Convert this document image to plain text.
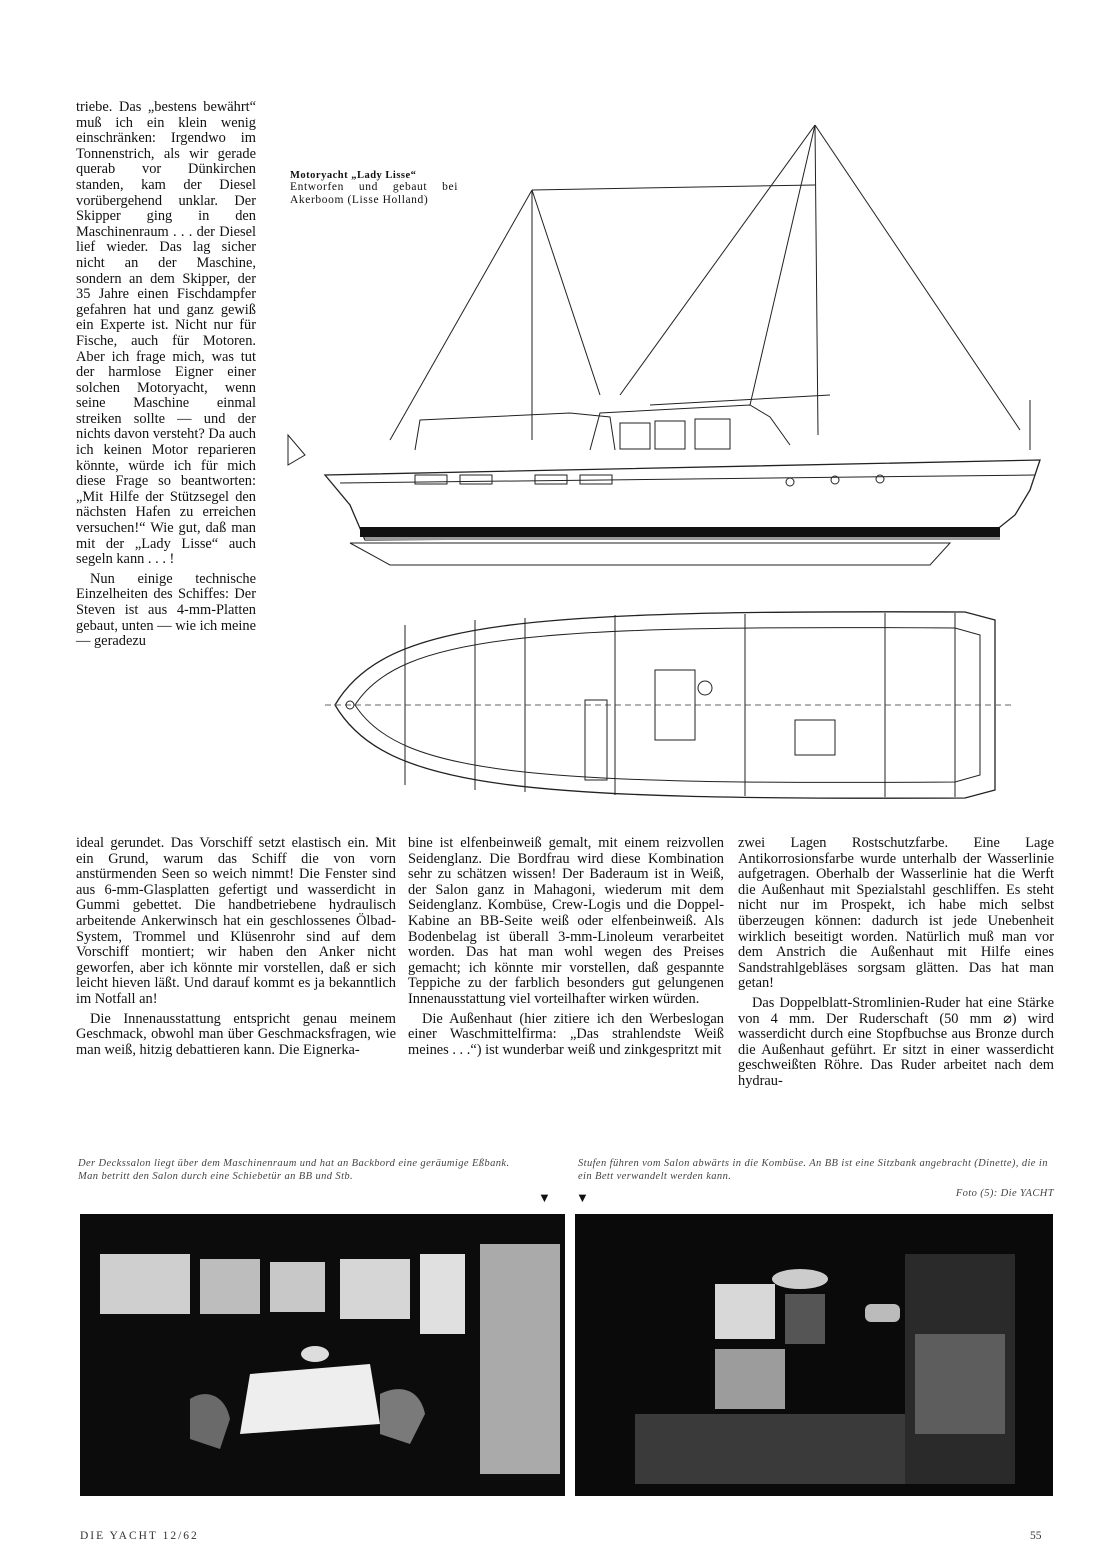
Motoryacht „Lady Lisse“
Entworfen und gebaut bei Akerboom (Lisse Holland)

triebe. Das „bestens bewährt“ muß ich ein klein wenig einschränken: Irgendwo im Tonnenstrich, als wir gerade querab vor Dünkirchen standen, kam der Diesel vorübergehend unklar. Der Skipper ging in den Maschinenraum . . . der Diesel lief wieder. Das lag sicher nicht an der Maschine, sondern an dem Skipper, der 35 Jahre einen Fischdampfer gefahren hat und ganz gewiß ein Experte ist. Nicht nur für Fische, auch für Motoren. Aber ich frage mich, was tut der harmlose Eigner einer solchen Motoryacht, wenn seine Maschine einmal streiken sollte — und der nichts davon versteht? Da auch ich keinen Motor reparieren könnte, würde ich für mich diese Frage so beantworten: „Mit Hilfe der Stützsegel den nächsten Hafen zu erreichen versuchen!“ Wie gut, daß man mit der „Lady Lisse“ auch segeln kann . . . !

Nun einige technische Einzelheiten des Schiffes: Der Steven ist aus 4-mm-Platten gebaut, unten — wie ich meine — geradezu

ideal gerundet. Das Vorschiff setzt elastisch ein. Mit ein Grund, warum das Schiff die von vorn anstürmenden Seen so weich nimmt! Die Fenster sind aus 6-mm-Glasplatten gefertigt und wasserdicht in Gummi gebettet. Die handbetriebene hydraulisch arbeitende Ankerwinsch hat ein geschlossenes Ölbad-System, Trommel und Klüsenrohr sind auf dem Vorschiff montiert; wir haben den Anker nicht geworfen, aber ich könnte mir vorstellen, daß er sich leicht hieven läßt. Und darauf kommt es ja bekanntlich im Notfall an!

Die Innenausstattung entspricht genau meinem Geschmack, obwohl man über Geschmacksfragen, wie man weiß, hitzig debattieren kann. Die Eignerka-

bine ist elfenbeinweiß gemalt, mit einem reizvollen Seidenglanz. Die Bordfrau wird diese Kombination sehr zu schätzen wissen! Der Baderaum ist in Weiß, der Salon ganz in Mahagoni, wiederum mit dem Seidenglanz. Kombüse, Crew-Logis und die Doppel-Kabine an BB-Seite weiß oder elfenbeinweiß. Als Bodenbelag ist überall 3-mm-Linoleum verarbeitet worden. Das hat man wohl wegen des Preises gemacht; ich könnte mir vorstellen, daß gespannte Teppiche zu der farblich besonders gut gelungenen Innenausstattung viel vorteilhafter wirken würden.

Die Außenhaut (hier zitiere ich den Werbeslogan einer Waschmittelfirma: „Das strahlendste Weiß meines . . .“) ist wunderbar weiß und zinkgespritzt mit

zwei Lagen Rostschutzfarbe. Eine Lage Antikorrosionsfarbe wurde unterhalb der Wasserlinie aufgetragen. Oberhalb der Wasserlinie hat die Werft die Außenhaut mit Spezialstahl geschliffen. Es steht nicht nur im Prospekt, ich habe mich selbst überzeugen können: dadurch ist jede Unebenheit wirklich beseitigt worden. Natürlich muß man vor dem Anstrich die Außenhaut mit Hilfe eines Sandstrahlgebläses sorgsam glätten. Das hat man getan!

Das Doppelblatt-Stromlinien-Ruder hat eine Stärke von 4 mm. Der Ruderschaft (50 mm ⌀) wird wasserdicht durch eine Stopfbuchse aus Bronze durch die Außenhaut geführt. Er sitzt in einer wasserdicht geschweißten Röhre. Das Ruder arbeitet nach dem hydrau-

Der Deckssalon liegt über dem Maschinenraum und hat an Backbord eine geräumige Eßbank. Man betritt den Salon durch eine Schiebetür an BB und Stb.
▼
Stufen führen vom Salon abwärts in die Kombüse. An BB ist eine Sitzbank angebracht (Dinette), die in ein Bett verwandelt werden kann.
▼	Foto (5): Die YACHT
DIE YACHT 12/62	55
